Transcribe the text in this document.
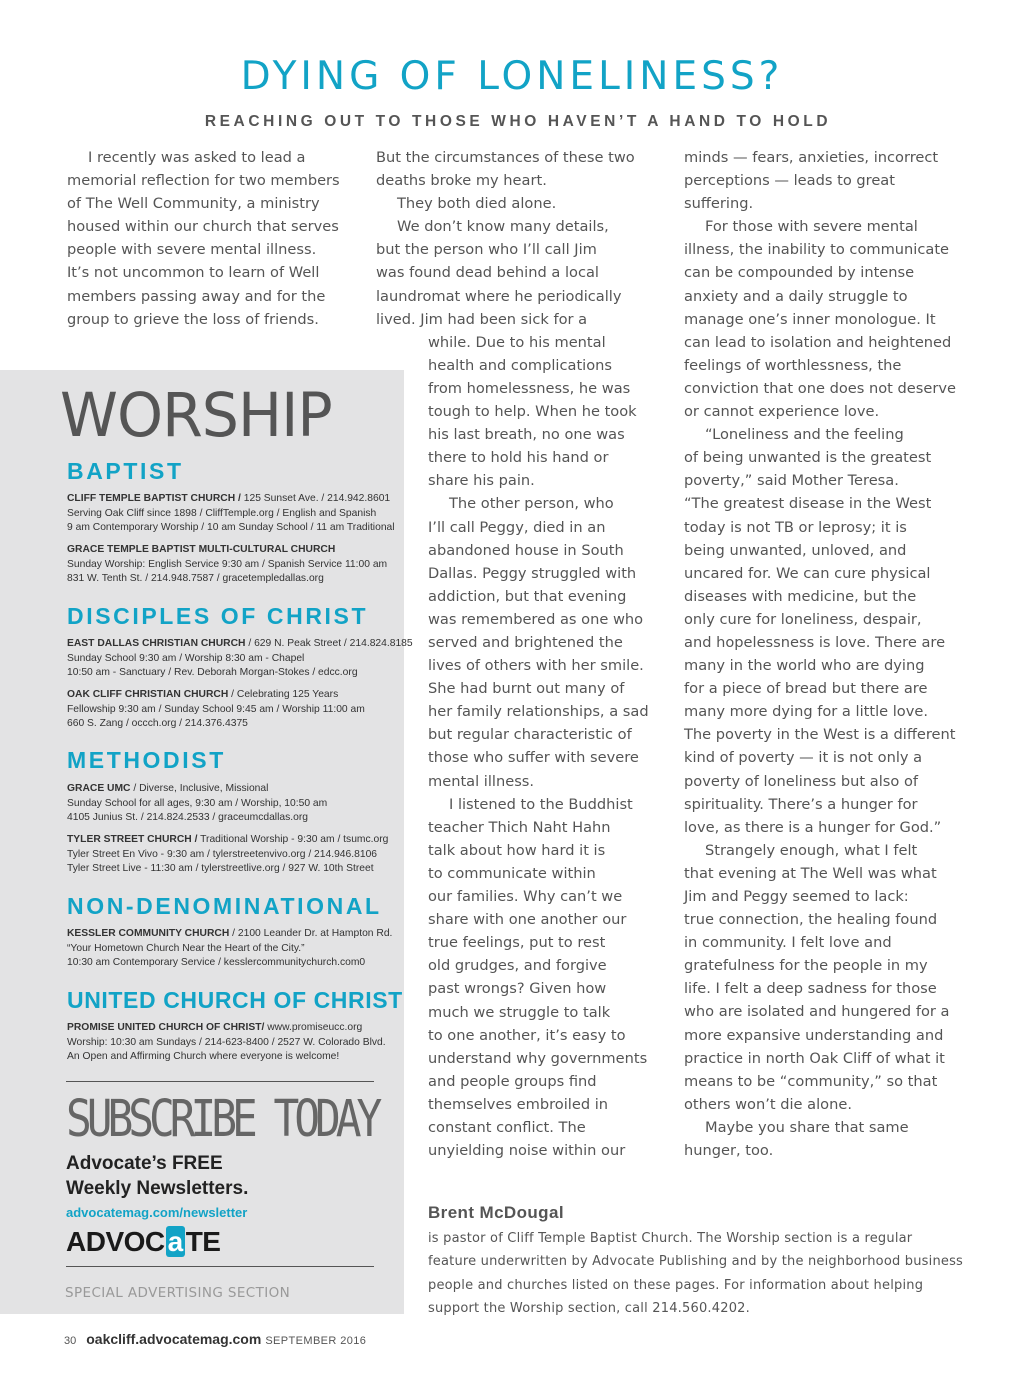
DYING OF LONELINESS?
REACHING OUT TO THOSE WHO HAVEN’T A HAND TO HOLD
I recently was asked to lead a
memorial reflection for two members
of The Well Community, a ministry
housed within our church that serves
people with severe mental illness.
It’s not uncommon to learn of Well
members passing away and for the
group to grieve the loss of friends.
But the circumstances of these two
deaths broke my heart.
They both died alone.
We don’t know many details,
but the person who I’ll call Jim
was found dead behind a local
laundromat where he periodically
lived. Jim had been sick for a
while. Due to his mental
health and complications
from homelessness, he was
tough to help. When he took
his last breath, no one was
there to hold his hand or
share his pain.
The other person, who
I’ll call Peggy, died in an
abandoned house in South
Dallas. Peggy struggled with
addiction, but that evening
was remembered as one who
served and brightened the
lives of others with her smile.
She had burnt out many of
her family relationships, a sad
but regular characteristic of
those who suffer with severe
mental illness.
I listened to the Buddhist
teacher Thich Naht Hahn
talk about how hard it is
to communicate within
our families. Why can’t we
share with one another our
true feelings, put to rest
old grudges, and forgive
past wrongs? Given how
much we struggle to talk
to one another, it’s easy to
understand why governments
and people groups find
themselves embroiled in
constant conflict. The
unyielding noise within our
minds — fears, anxieties, incorrect
perceptions — leads to great
suffering.
For those with severe mental
illness, the inability to communicate
can be compounded by intense
anxiety and a daily struggle to
manage one’s inner monologue. It
can lead to isolation and heightened
feelings of worthlessness, the
conviction that one does not deserve
or cannot experience love.
“Loneliness and the feeling
of being unwanted is the greatest
poverty,” said Mother Teresa.
“The greatest disease in the West
today is not TB or leprosy; it is
being unwanted, unloved, and
uncared for. We can cure physical
diseases with medicine, but the
only cure for loneliness, despair,
and hopelessness is love. There are
many in the world who are dying
for a piece of bread but there are
many more dying for a little love.
The poverty in the West is a different
kind of poverty — it is not only a
poverty of loneliness but also of
spirituality. There’s a hunger for
love, as there is a hunger for God.”
Strangely enough, what I felt
that evening at The Well was what
Jim and Peggy seemed to lack:
true connection, the healing found
in community. I felt love and
gratefulness for the people in my
life. I felt a deep sadness for those
who are isolated and hungered for a
more expansive understanding and
practice in north Oak Cliff of what it
means to be “community,” so that
others won’t die alone.
Maybe you share that same
hunger, too.
WORSHIP
BAPTIST
CLIFF TEMPLE BAPTIST CHURCH / 125 Sunset Ave. / 214.942.8601
Serving Oak Cliff since 1898 / CliffTemple.org / English and Spanish
9 am Contemporary Worship / 10 am Sunday School / 11 am Traditional
GRACE TEMPLE BAPTIST MULTI-CULTURAL CHURCH
Sunday Worship: English Service 9:30 am / Spanish Service 11:00 am
831 W. Tenth St. / 214.948.7587 / gracetempledallas.org
DISCIPLES OF CHRIST
EAST DALLAS CHRISTIAN CHURCH / 629 N. Peak Street / 214.824.8185
Sunday School 9:30 am / Worship 8:30 am - Chapel
10:50 am - Sanctuary / Rev. Deborah Morgan-Stokes / edcc.org
OAK CLIFF CHRISTIAN CHURCH / Celebrating 125 Years
Fellowship 9:30 am / Sunday School 9:45 am / Worship 11:00 am
660 S. Zang / occch.org / 214.376.4375
METHODIST
GRACE UMC / Diverse, Inclusive, Missional
Sunday School for all ages, 9:30 am / Worship, 10:50 am
4105 Junius St. / 214.824.2533 / graceumcdallas.org
TYLER STREET CHURCH / Traditional Worship - 9:30 am / tsumc.org
Tyler Street En Vivo - 9:30 am / tylerstreetenvivo.org / 214.946.8106
Tyler Street Live - 11:30 am / tylerstreetlive.org / 927 W. 10th Street
NON-DENOMINATIONAL
KESSLER COMMUNITY CHURCH / 2100 Leander Dr. at Hampton Rd.
“Your Hometown Church Near the Heart of the City.”
10:30 am Contemporary Service / kesslercommunitychurch.com0
UNITED CHURCH OF CHRIST
PROMISE UNITED CHURCH OF CHRIST/ www.promiseucc.org
Worship: 10:30 am Sundays / 214-623-8400 / 2527 W. Colorado Blvd.
An Open and Affirming Church where everyone is welcome!
SUBSCRIBE TODAY
Advocate’s FREE
Weekly Newsletters.
advocatemag.com/newsletter
ADVOC a TE
SPECIAL ADVERTISING SECTION
Brent McDougal
is pastor of Cliff Temple Baptist Church. The Worship section is a regular
feature underwritten by Advocate Publishing and by the neighborhood business
people and churches listed on these pages. For information about helping
support the Worship section, call 214.560.4202.
30 oakcliff.advocatemag.com SEPTEMBER 2016
